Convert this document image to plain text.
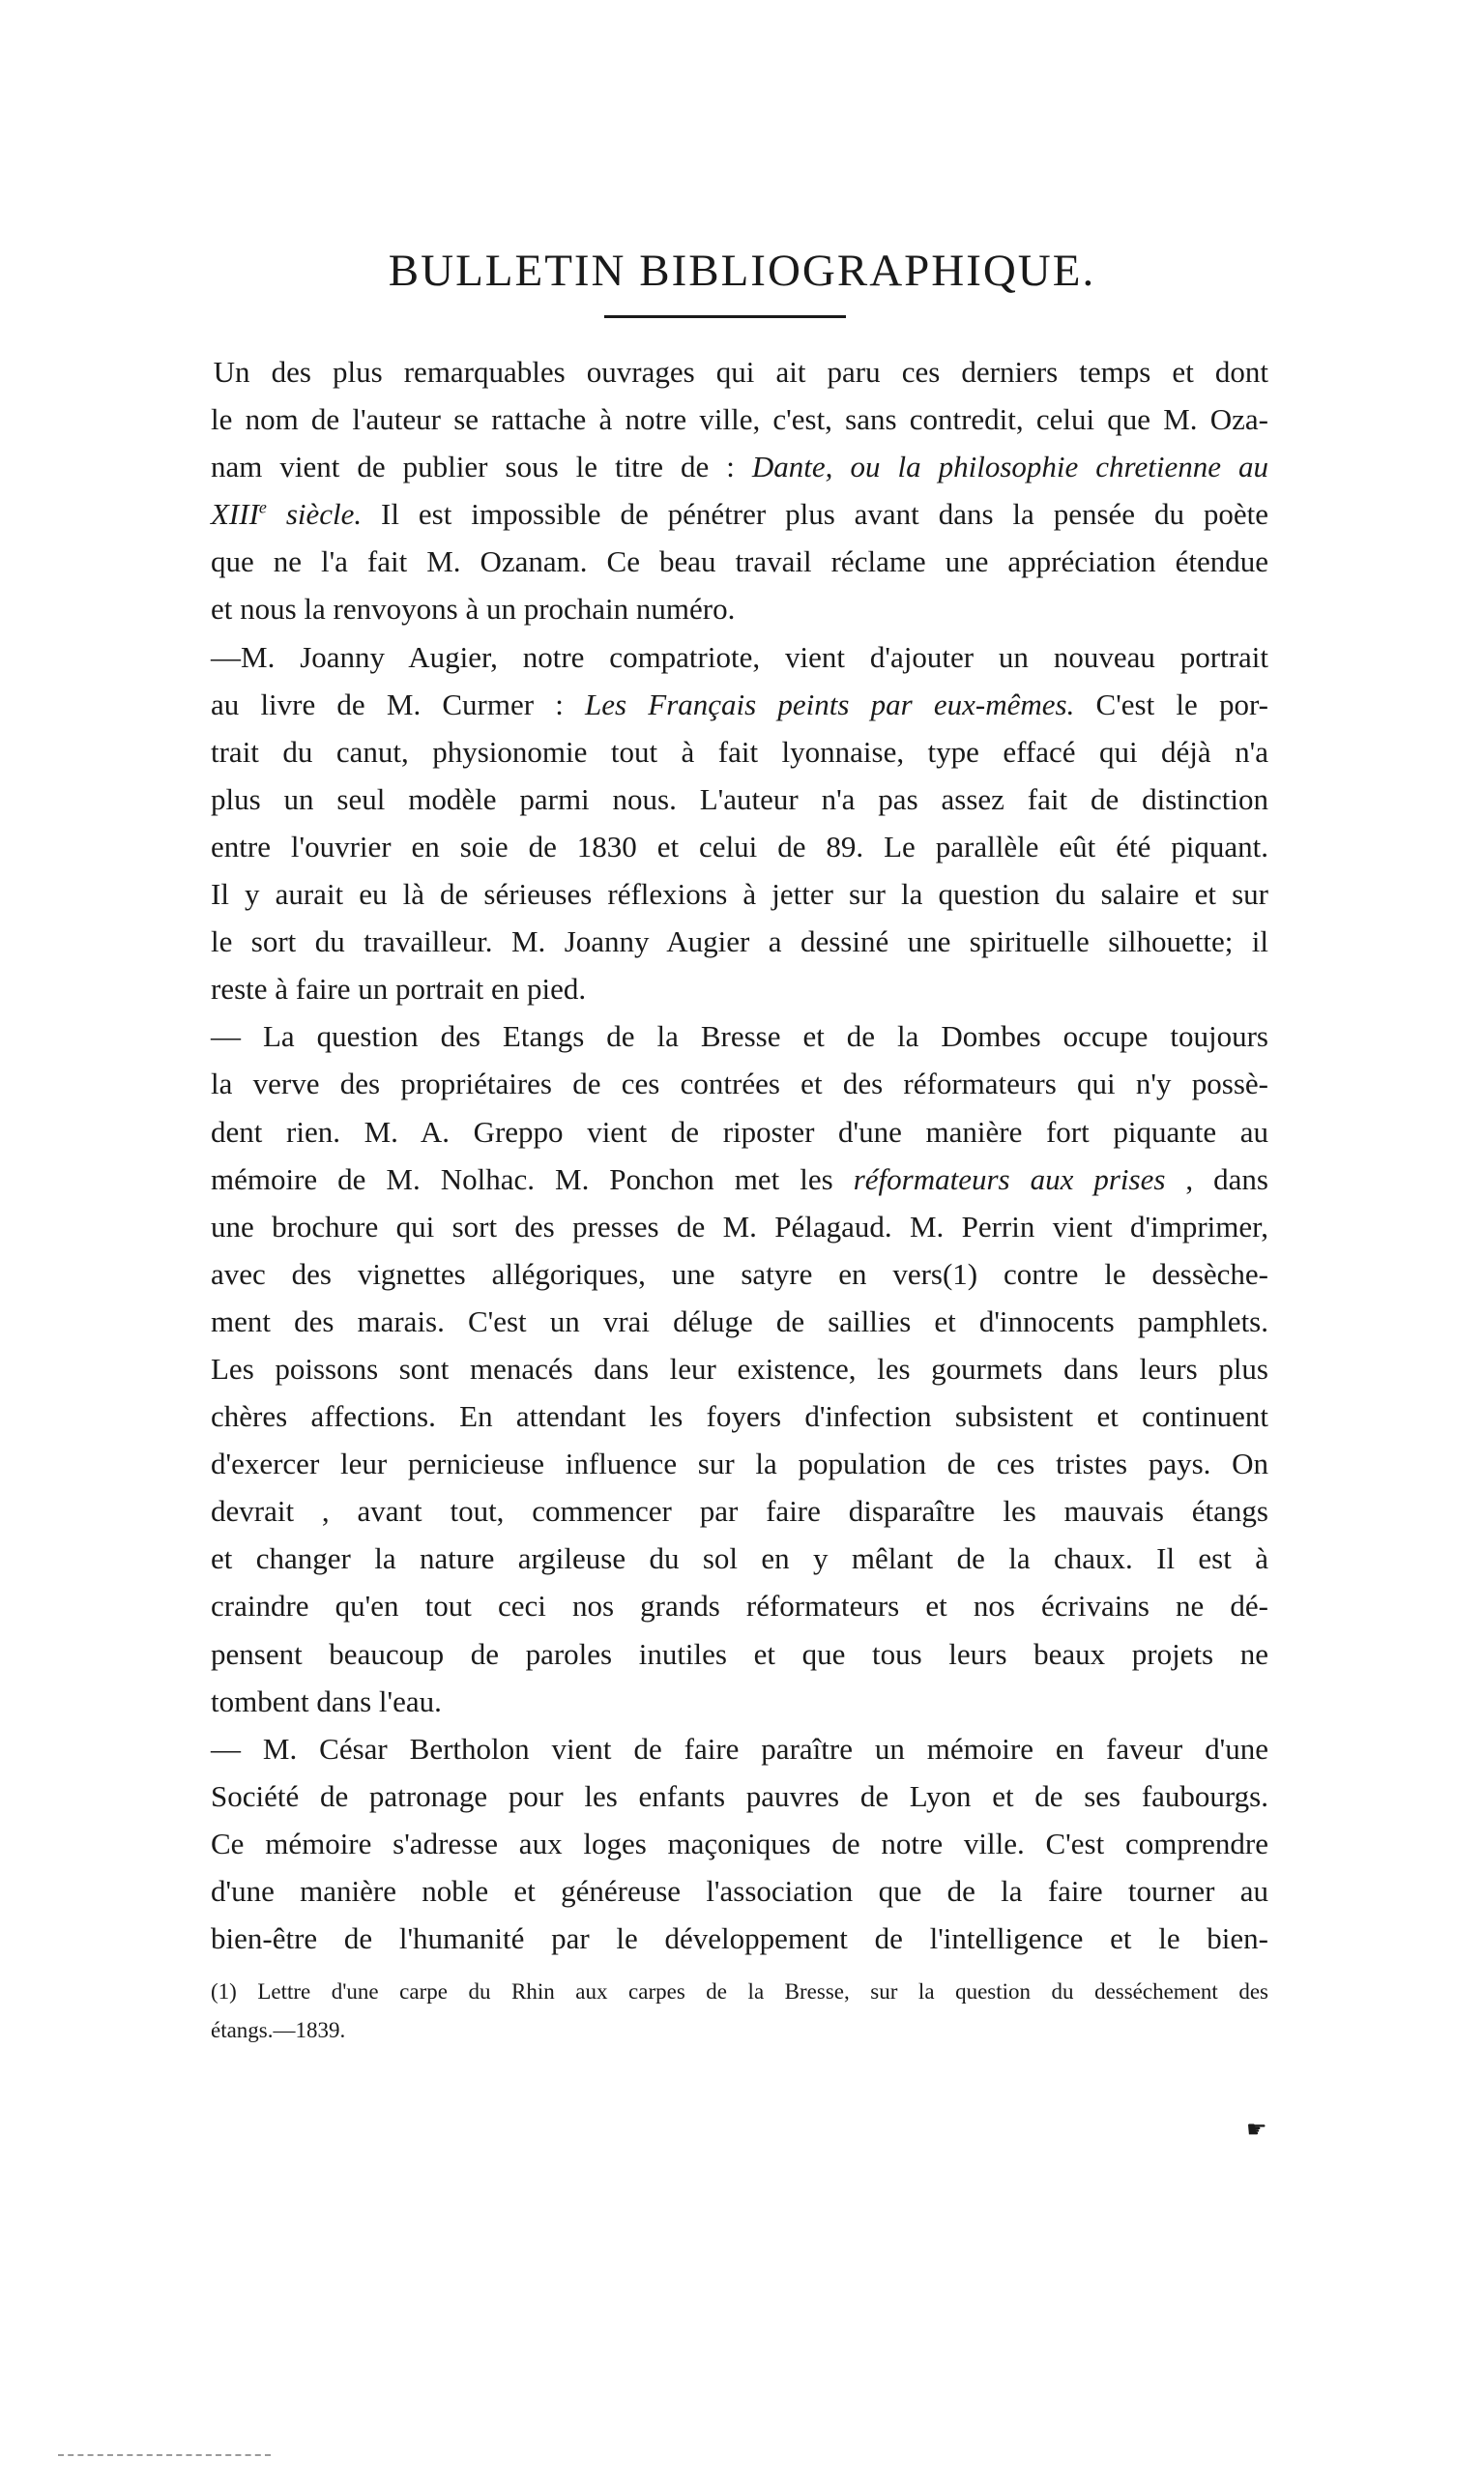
BULLETIN BIBLIOGRAPHIQUE.

 Un des plus remarquables ouvrages qui ait paru ces derniers temps et dont
le nom de l'auteur se rattache à notre ville, c'est, sans contredit, celui que M. Oza-
nam vient de publier sous le titre de : Dante, ou la philosophie chretienne au
XIIIe siècle. Il est impossible de pénétrer plus avant dans la pensée du poète
que ne l'a fait M. Ozanam. Ce beau travail réclame une appréciation étendue
et nous la renvoyons à un prochain numéro.

—M. Joanny Augier, notre compatriote, vient d'ajouter un nouveau portrait
au livre de M. Curmer : Les Français peints par eux-mêmes. C'est le por-
trait du canut, physionomie tout à fait lyonnaise, type effacé qui déjà n'a
plus un seul modèle parmi nous. L'auteur n'a pas assez fait de distinction
entre l'ouvrier en soie de 1830 et celui de 89. Le parallèle eût été piquant.
Il y aurait eu là de sérieuses réflexions à jetter sur la question du salaire et sur
le sort du travailleur. M. Joanny Augier a dessiné une spirituelle silhouette; il
reste à faire un portrait en pied.

— La question des Etangs de la Bresse et de la Dombes occupe toujours
la verve des propriétaires de ces contrées et des réformateurs qui n'y possè-
dent rien. M. A. Greppo vient de riposter d'une manière fort piquante au
mémoire de M. Nolhac. M. Ponchon met les réformateurs aux prises , dans
une brochure qui sort des presses de M. Pélagaud. M. Perrin vient d'imprimer,
avec des vignettes allégoriques, une satyre en vers(1) contre le dessèche-
ment des marais. C'est un vrai déluge de saillies et d'innocents pamphlets.
Les poissons sont menacés dans leur existence, les gourmets dans leurs plus
chères affections. En attendant les foyers d'infection subsistent et continuent
d'exercer leur pernicieuse influence sur la population de ces tristes pays. On
devrait , avant tout, commencer par faire disparaître les mauvais étangs
et changer la nature argileuse du sol en y mêlant de la chaux. Il est à
craindre qu'en tout ceci nos grands réformateurs et nos écrivains ne dé-
pensent beaucoup de paroles inutiles et que tous leurs beaux projets ne
tombent dans l'eau.

— M. César Bertholon vient de faire paraître un mémoire en faveur d'une
Société de patronage pour les enfants pauvres de Lyon et de ses faubourgs.
Ce mémoire s'adresse aux loges maçoniques de notre ville. C'est comprendre
d'une manière noble et généreuse l'association que de la faire tourner au
bien-être de l'humanité par le développement de l'intelligence et le bien-

(1) Lettre d'une carpe du Rhin aux carpes de la Bresse, sur la question du desséchement des
étangs.—1839.
☛
